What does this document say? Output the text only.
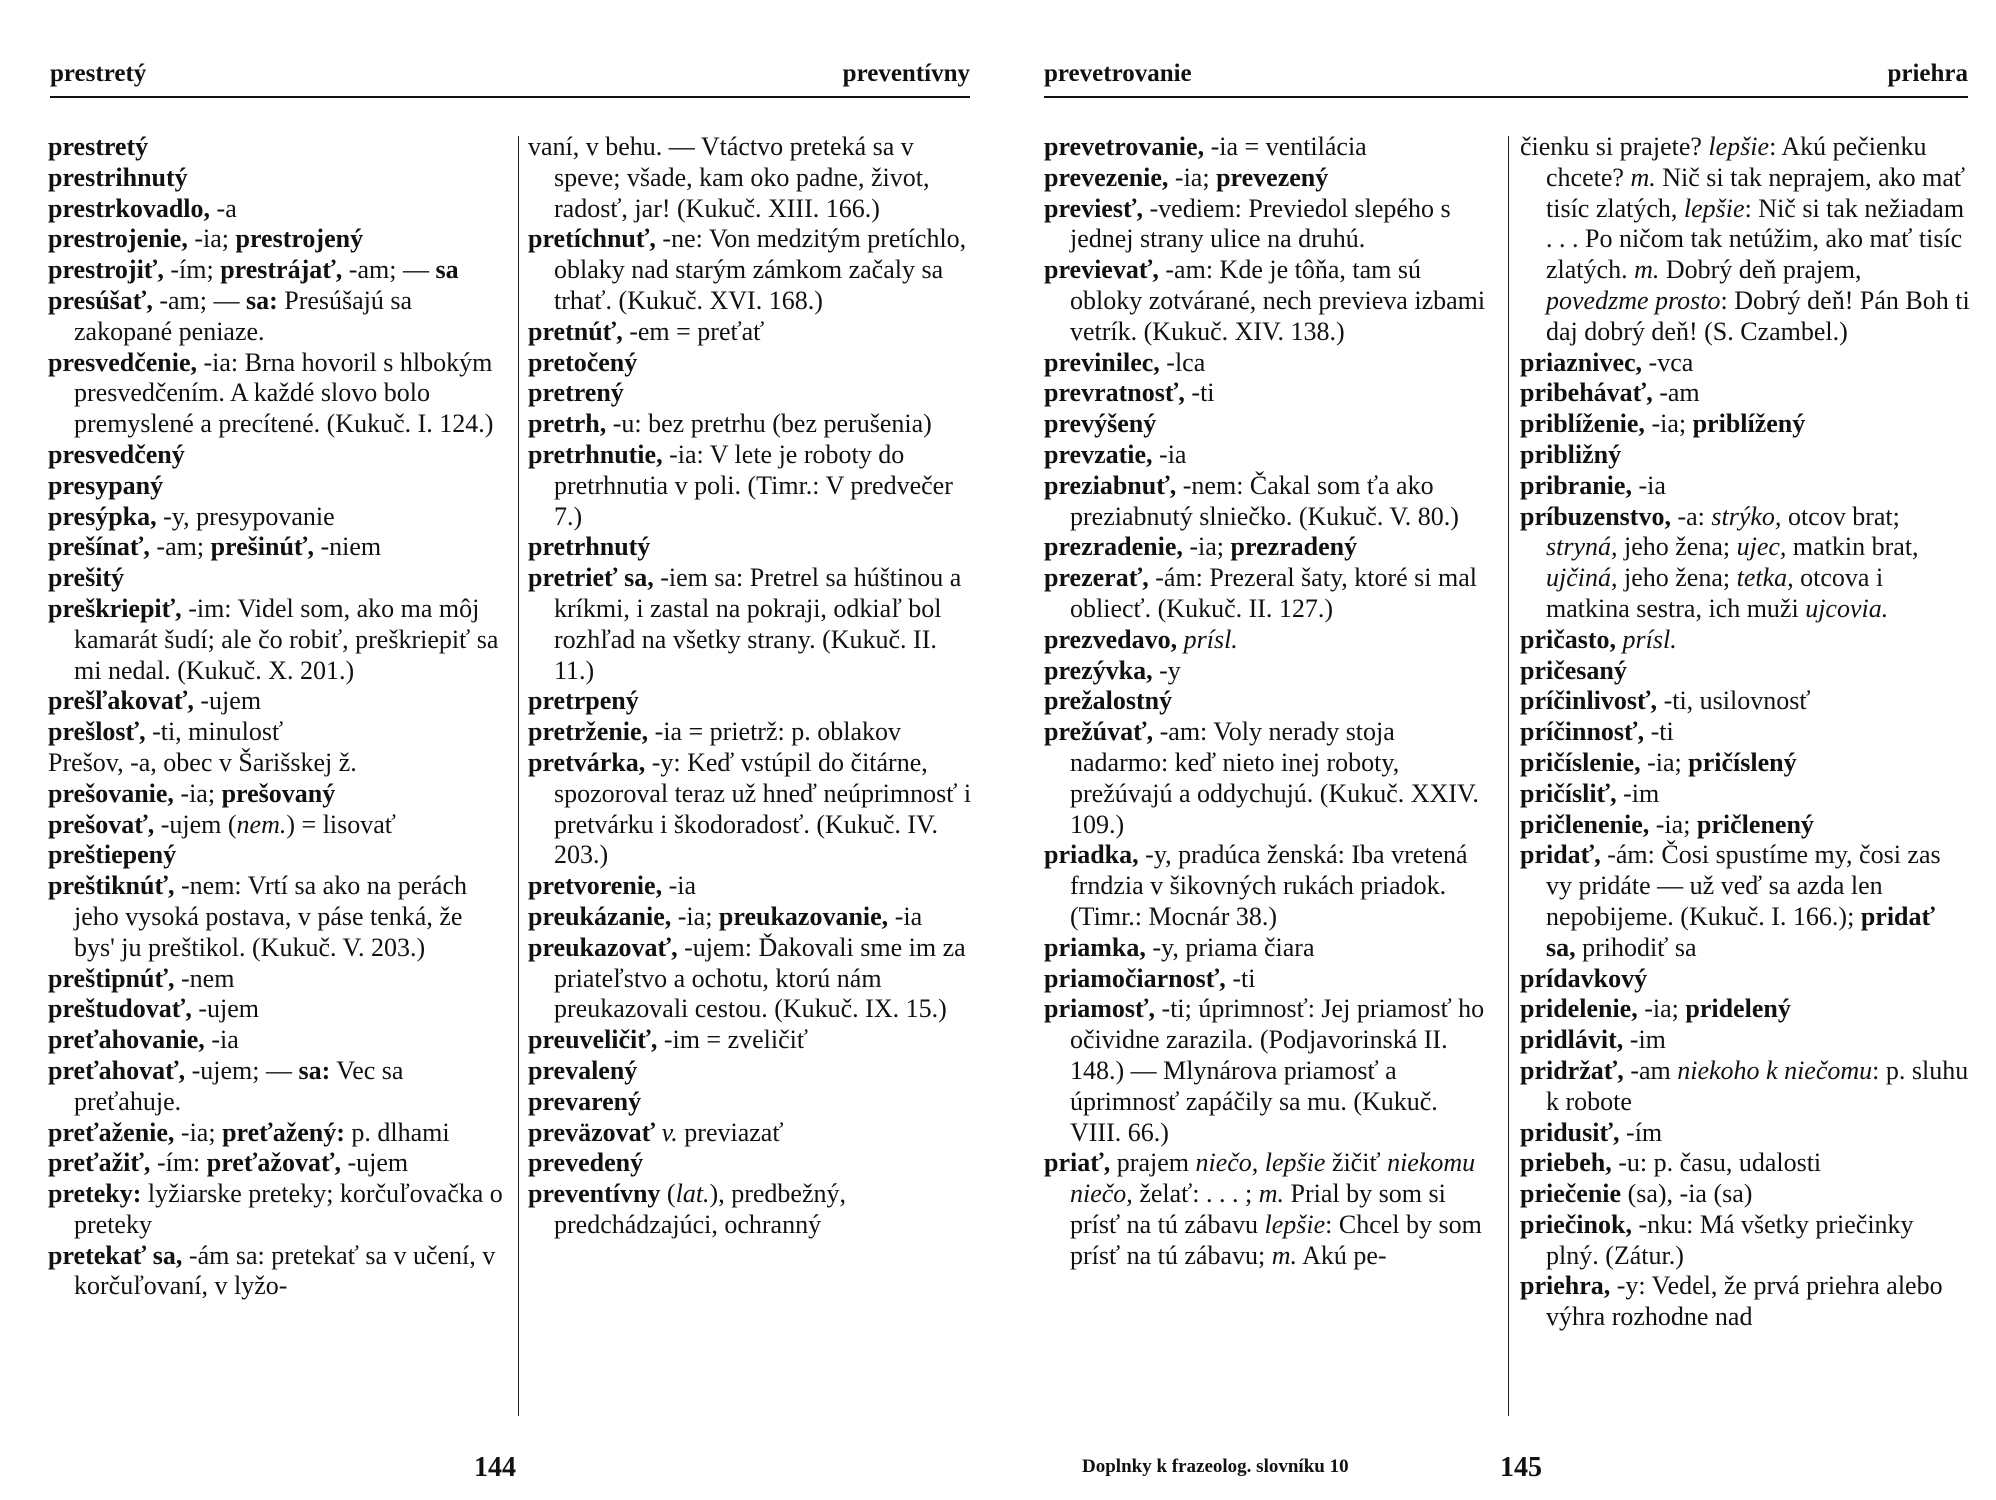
prestretý	preventívny

prestretý

prestrihnutý

prestrkovadlo, -a

prestrojenie, -ia; prestrojený

prestrojiť, -ím; prestrájať, -am; — sa

presúšať, -am; — sa: Presúšajú sa zakopané peniaze.

presvedčenie, -ia: Brna hovoril s hlbokým presvedčením. A každé slovo bolo premyslené a precítené. (Kukuč. I. 124.)

presvedčený

presypaný

presýpka, -y, presypovanie

prešínať, -am; prešinúť, -niem

prešitý

preškriepiť, -im: Videl som, ako ma môj kamarát šudí; ale čo robiť, preškriepiť sa mi nedal. (Kukuč. X. 201.)

prešľakovať, -ujem

prešlosť, -ti, minulosť

Prešov, -a, obec v Šarišskej ž.

prešovanie, -ia; prešovaný

prešovať, -ujem (nem.) = lisovať

preštiepený

preštiknúť, -nem: Vrtí sa ako na perách jeho vysoká postava, v páse tenká, že bys' ju preštikol. (Kukuč. V. 203.)

preštipnúť, -nem

preštudovať, -ujem

preťahovanie, -ia

preťahovať, -ujem; — sa: Vec sa preťahuje.

preťaženie, -ia; preťažený: p. dlhami

preťažiť, -ím: preťažovať, -ujem

preteky: lyžiarske preteky; korčuľovačka o preteky

pretekať sa, -ám sa: pretekať sa v učení, v korčuľovaní, v lyžo-

vaní, v behu. — Vtáctvo preteká sa v speve; všade, kam oko padne, život, radosť, jar! (Kukuč. XIII. 166.)

pretíchnuť, -ne: Von medzitým pretíchlo, oblaky nad starým zámkom začaly sa trhať. (Kukuč. XVI. 168.)

pretnúť, -em = preťať

pretočený

pretrený

pretrh, -u: bez pretrhu (bez perušenia)

pretrhnutie, -ia: V lete je roboty do pretrhnutia v poli. (Timr.: V predvečer 7.)

pretrhnutý

pretrieť sa, -iem sa: Pretrel sa húštinou a kríkmi, i zastal na pokraji, odkiaľ bol rozhľad na všetky strany. (Kukuč. II. 11.)

pretrpený

pretrženie, -ia = prietrž: p. oblakov

pretvárka, -y: Keď vstúpil do čitárne, spozoroval teraz už hneď neúprimnosť i pretvárku i škodoradosť. (Kukuč. IV. 203.)

pretvorenie, -ia

preukázanie, -ia; preukazovanie, -ia

preukazovať, -ujem: Ďakovali sme im za priateľstvo a ochotu, ktorú nám preukazovali cestou. (Kukuč. IX. 15.)

preuveličiť, -im = zveličiť

prevalený

prevarený

preväzovať v. previazať

prevedený

preventívny (lat.), predbežný, predchádzajúci, ochranný

144
prevetrovanie	priehra

prevetrovanie, -ia = ventilácia

prevezenie, -ia; prevezený

previesť, -vediem: Previedol slepého s jednej strany ulice na druhú.

previevať, -am: Kde je tôňa, tam sú obloky zotvárané, nech previeva izbami vetrík. (Kukuč. XIV. 138.)

previnilec, -lca

prevratnosť, -ti

prevýšený

prevzatie, -ia

preziabnuť, -nem: Čakal som ťa ako preziabnutý slniečko. (Kukuč. V. 80.)

prezradenie, -ia; prezradený

prezerať, -ám: Prezeral šaty, ktoré si mal obliecť. (Kukuč. II. 127.)

prezvedavo, prísl.

prezývka, -y

prežalostný

prežúvať, -am: Voly nerady stoja nadarmo: keď nieto inej roboty, prežúvajú a oddychujú. (Kukuč. XXIV. 109.)

priadka, -y, pradúca ženská: Iba vretená frndzia v šikovných rukách priadok. (Timr.: Mocnár 38.)

priamka, -y, priama čiara

priamočiarnosť, -ti

priamosť, -ti; úprimnosť: Jej priamosť ho očividne zarazila. (Podjavorinská II. 148.) — Mlynárova priamosť a úprimnosť zapáčily sa mu. (Kukuč. VIII. 66.)

priať, prajem niečo, lepšie žičiť niekomu niečo, želať: . . . ; m. Prial by som si prísť na tú zábavu lepšie: Chcel by som prísť na tú zábavu; m. Akú pe-

čienku si prajete? lepšie: Akú pečienku chcete? m. Nič si tak neprajem, ako mať tisíc zlatých, lepšie: Nič si tak nežiadam . . . Po ničom tak netúžim, ako mať tisíc zlatých. m. Dobrý deň prajem, povedzme prosto: Dobrý deň! Pán Boh ti daj dobrý deň! (S. Czambel.)

priaznivec, -vca

pribehávať, -am

priblíženie, -ia; priblížený

približný

pribranie, -ia

príbuzenstvo, -a: strýko, otcov brat; stryná, jeho žena; ujec, matkin brat, ujčiná, jeho žena; tetka, otcova i matkina sestra, ich muži ujcovia.

pričasto, prísl.

pričesaný

príčinlivosť, -ti, usilovnosť

príčinnosť, -ti

pričíslenie, -ia; pričíslený

pričísliť, -im

pričlenenie, -ia; pričlenený

pridať, -ám: Čosi spustíme my, čosi zas vy pridáte — už veď sa azda len nepobijeme. (Kukuč. I. 166.); pridať sa, prihodiť sa

prídavkový

pridelenie, -ia; pridelený

pridlávit, -im

pridržať, -am niekoho k niečomu: p. sluhu k robote

pridusiť, -ím

priebeh, -u: p. času, udalosti

priečenie (sa), -ia (sa)

priečinok, -nku: Má všetky priečinky plný. (Zátur.)

priehra, -y: Vedel, že prvá priehra alebo výhra rozhodne nad

Doplnky k frazeolog. slovníku 10	145
